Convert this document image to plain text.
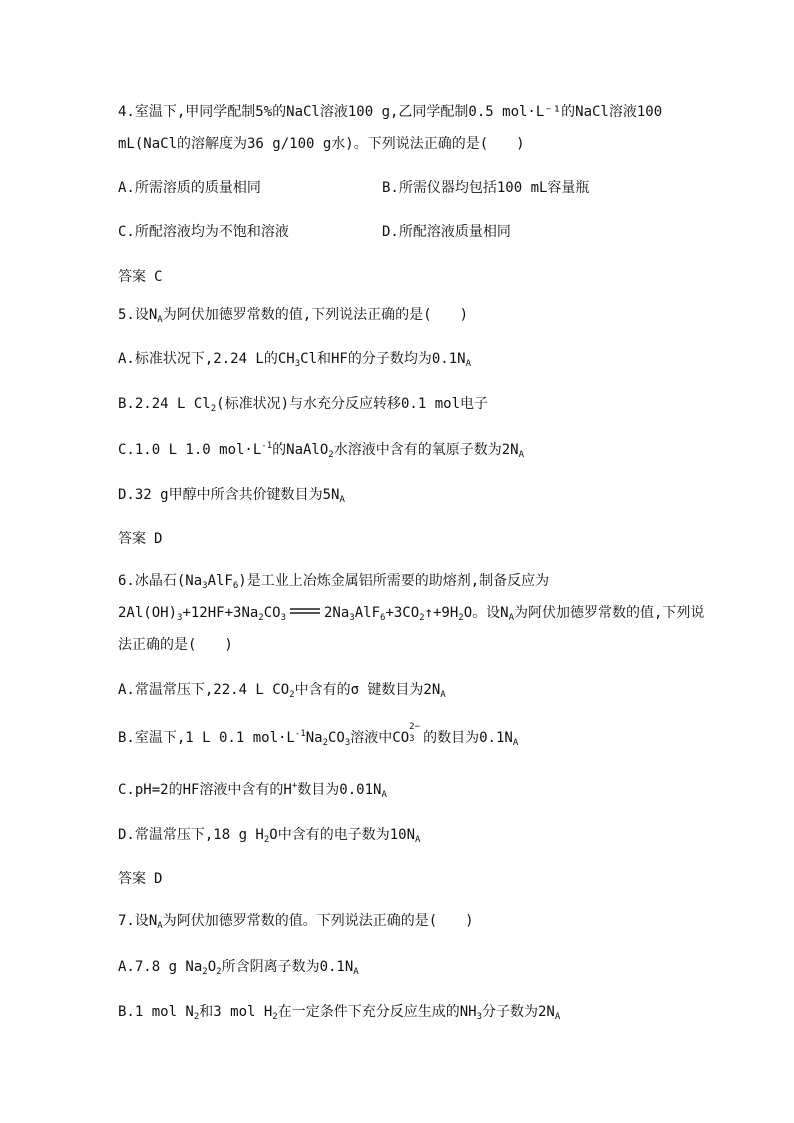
4.室温下,甲同学配制5%的NaCl溶液100 g,乙同学配制0.5 mol·L⁻¹的NaCl溶液100
mL(NaCl的溶解度为36 g/100 g水)。下列说法正确的是(　　)
A.所需溶质的质量相同	B.所需仪器均包括100 mL容量瓶
C.所配溶液均为不饱和溶液	D.所配溶液质量相同
答案 C
5.设$N_A$为阿伏加德罗常数的值,下列说法正确的是(　　)
A.标准状况下,2.24 L的$CH_3Cl$和HF的分子数均为$0.1N_A$
B.2.24 L $Cl_2$(标准状况)与水充分反应转移0.1 mol电子
C.1.0 L 1.0 $mol\cdot L^{-1}$的NaAlO$_2$水溶液中含有的氧原子数为$2N_A$
D.32 g甲醇中所含共价键数目为$5N_A$
答案 D
6.冰晶石$(Na_3AlF_6)$是工业上冶炼金属铝所需要的助熔剂,制备反应为
$2Al(OH)_3+12HF+3Na_2CO_3$	$2Na_3AlF_6+3CO_2↑+9H_2O$。设$N_A$为阿伏加德罗常数的值,下列说
法正确的是(　　)
A.常温常压下,22.4 L $CO_2$中含有的σ 键数目为$2N_A$
B.室温下,1 L 0.1 $mol\cdot L^{-1}Na_2CO_3$溶液中CO
2−
3 的数目为$0.1N_A$
C.pH=2的HF溶液中含有的H+数目为$0.01N_A$
D.常温常压下,18 g $H_2O$中含有的电子数为$10N_A$
答案 D
7.设$N_A$为阿伏加德罗常数的值。下列说法正确的是(　　)
A.7.8 g $Na_2O_2$所含阴离子数为$0.1N_A$
B.1 mol $N_2$和3 mol $H_2$在一定条件下充分反应生成的$NH_3$分子数为$2N_A$
